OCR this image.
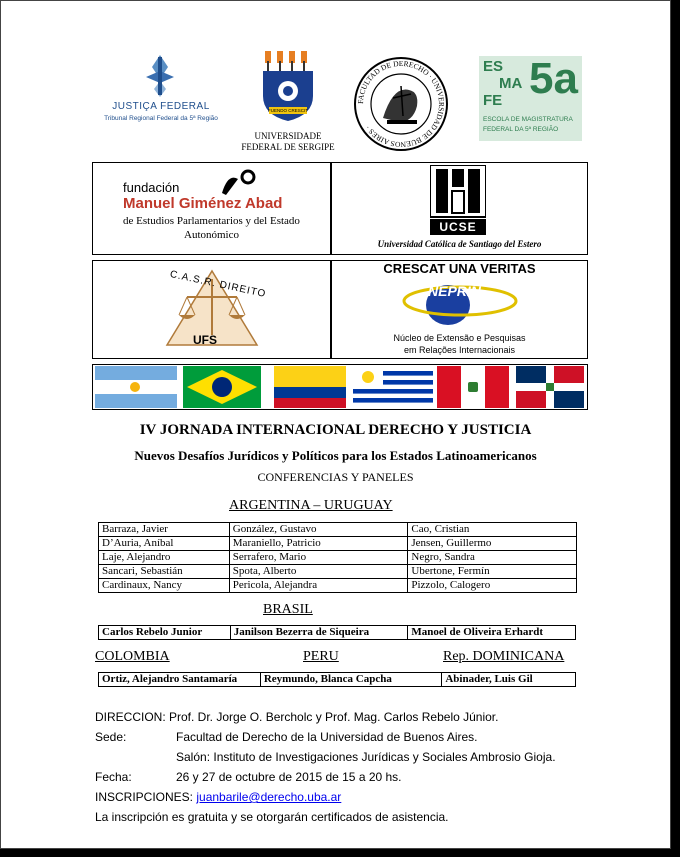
JUSTIÇA FEDERAL
Tribunal Regional Federal da 5ª Região
FUENDO CRESCIT
UNIVERSIDADE
FEDERAL DE SERGIPE
FACULTAD DE DERECHO · UNIVERSIDAD DE BUENOS AIRES ·
ES
MA
FE 5a
ESCOLA DE MAGISTRATURA
FEDERAL DA 5ª REGIÃO
fundación
Manuel Giménez Abad
de Estudios Parlamentarios y del Estado
Autonómico
UCSE
Universidad Católica de Santiago del Estero
C.A.S.R. DIREITO
UFS
CRESCAT UNA VERITAS
NEPRIN
Núcleo de Extensão e Pesquisas
em Relações Internacionais
IV JORNADA INTERNACIONAL DERECHO Y JUSTICIA
Nuevos Desafíos Jurídicos y Políticos para los Estados Latinoamericanos
CONFERENCIAS Y PANELES
ARGENTINA – URUGUAY
Barraza, Javier	González, Gustavo	Cao, Cristian
D’Auria, Aníbal	Maraniello, Patricio	Jensen, Guillermo
Laje, Alejandro	Serrafero, Mario	Negro, Sandra
Sancari, Sebastián	Spota, Alberto	Ubertone, Fermín
Cardinaux, Nancy	Pericola, Alejandra	Pizzolo, Calogero
BRASIL
Carlos Rebelo Junior	Janilson Bezerra de Siqueira	Manoel de Oliveira Erhardt
COLOMBIA	PERU	Rep. DOMINICANA
Ortiz, Alejandro Santamaría	Reymundo, Blanca Capcha	Abinader, Luis Gil
DIRECCION: Prof. Dr. Jorge O. Bercholc y Prof. Mag. Carlos Rebelo Júnior.
Sede:	Facultad de Derecho de la Universidad de Buenos Aires.
Salón: Instituto de Investigaciones Jurídicas y Sociales Ambrosio Gioja.
Fecha:	26 y 27 de octubre de 2015 de 15 a 20 hs.
INSCRIPCIONES: juanbarile@derecho.uba.ar
La inscripción es gratuita y se otorgarán certificados de asistencia.
